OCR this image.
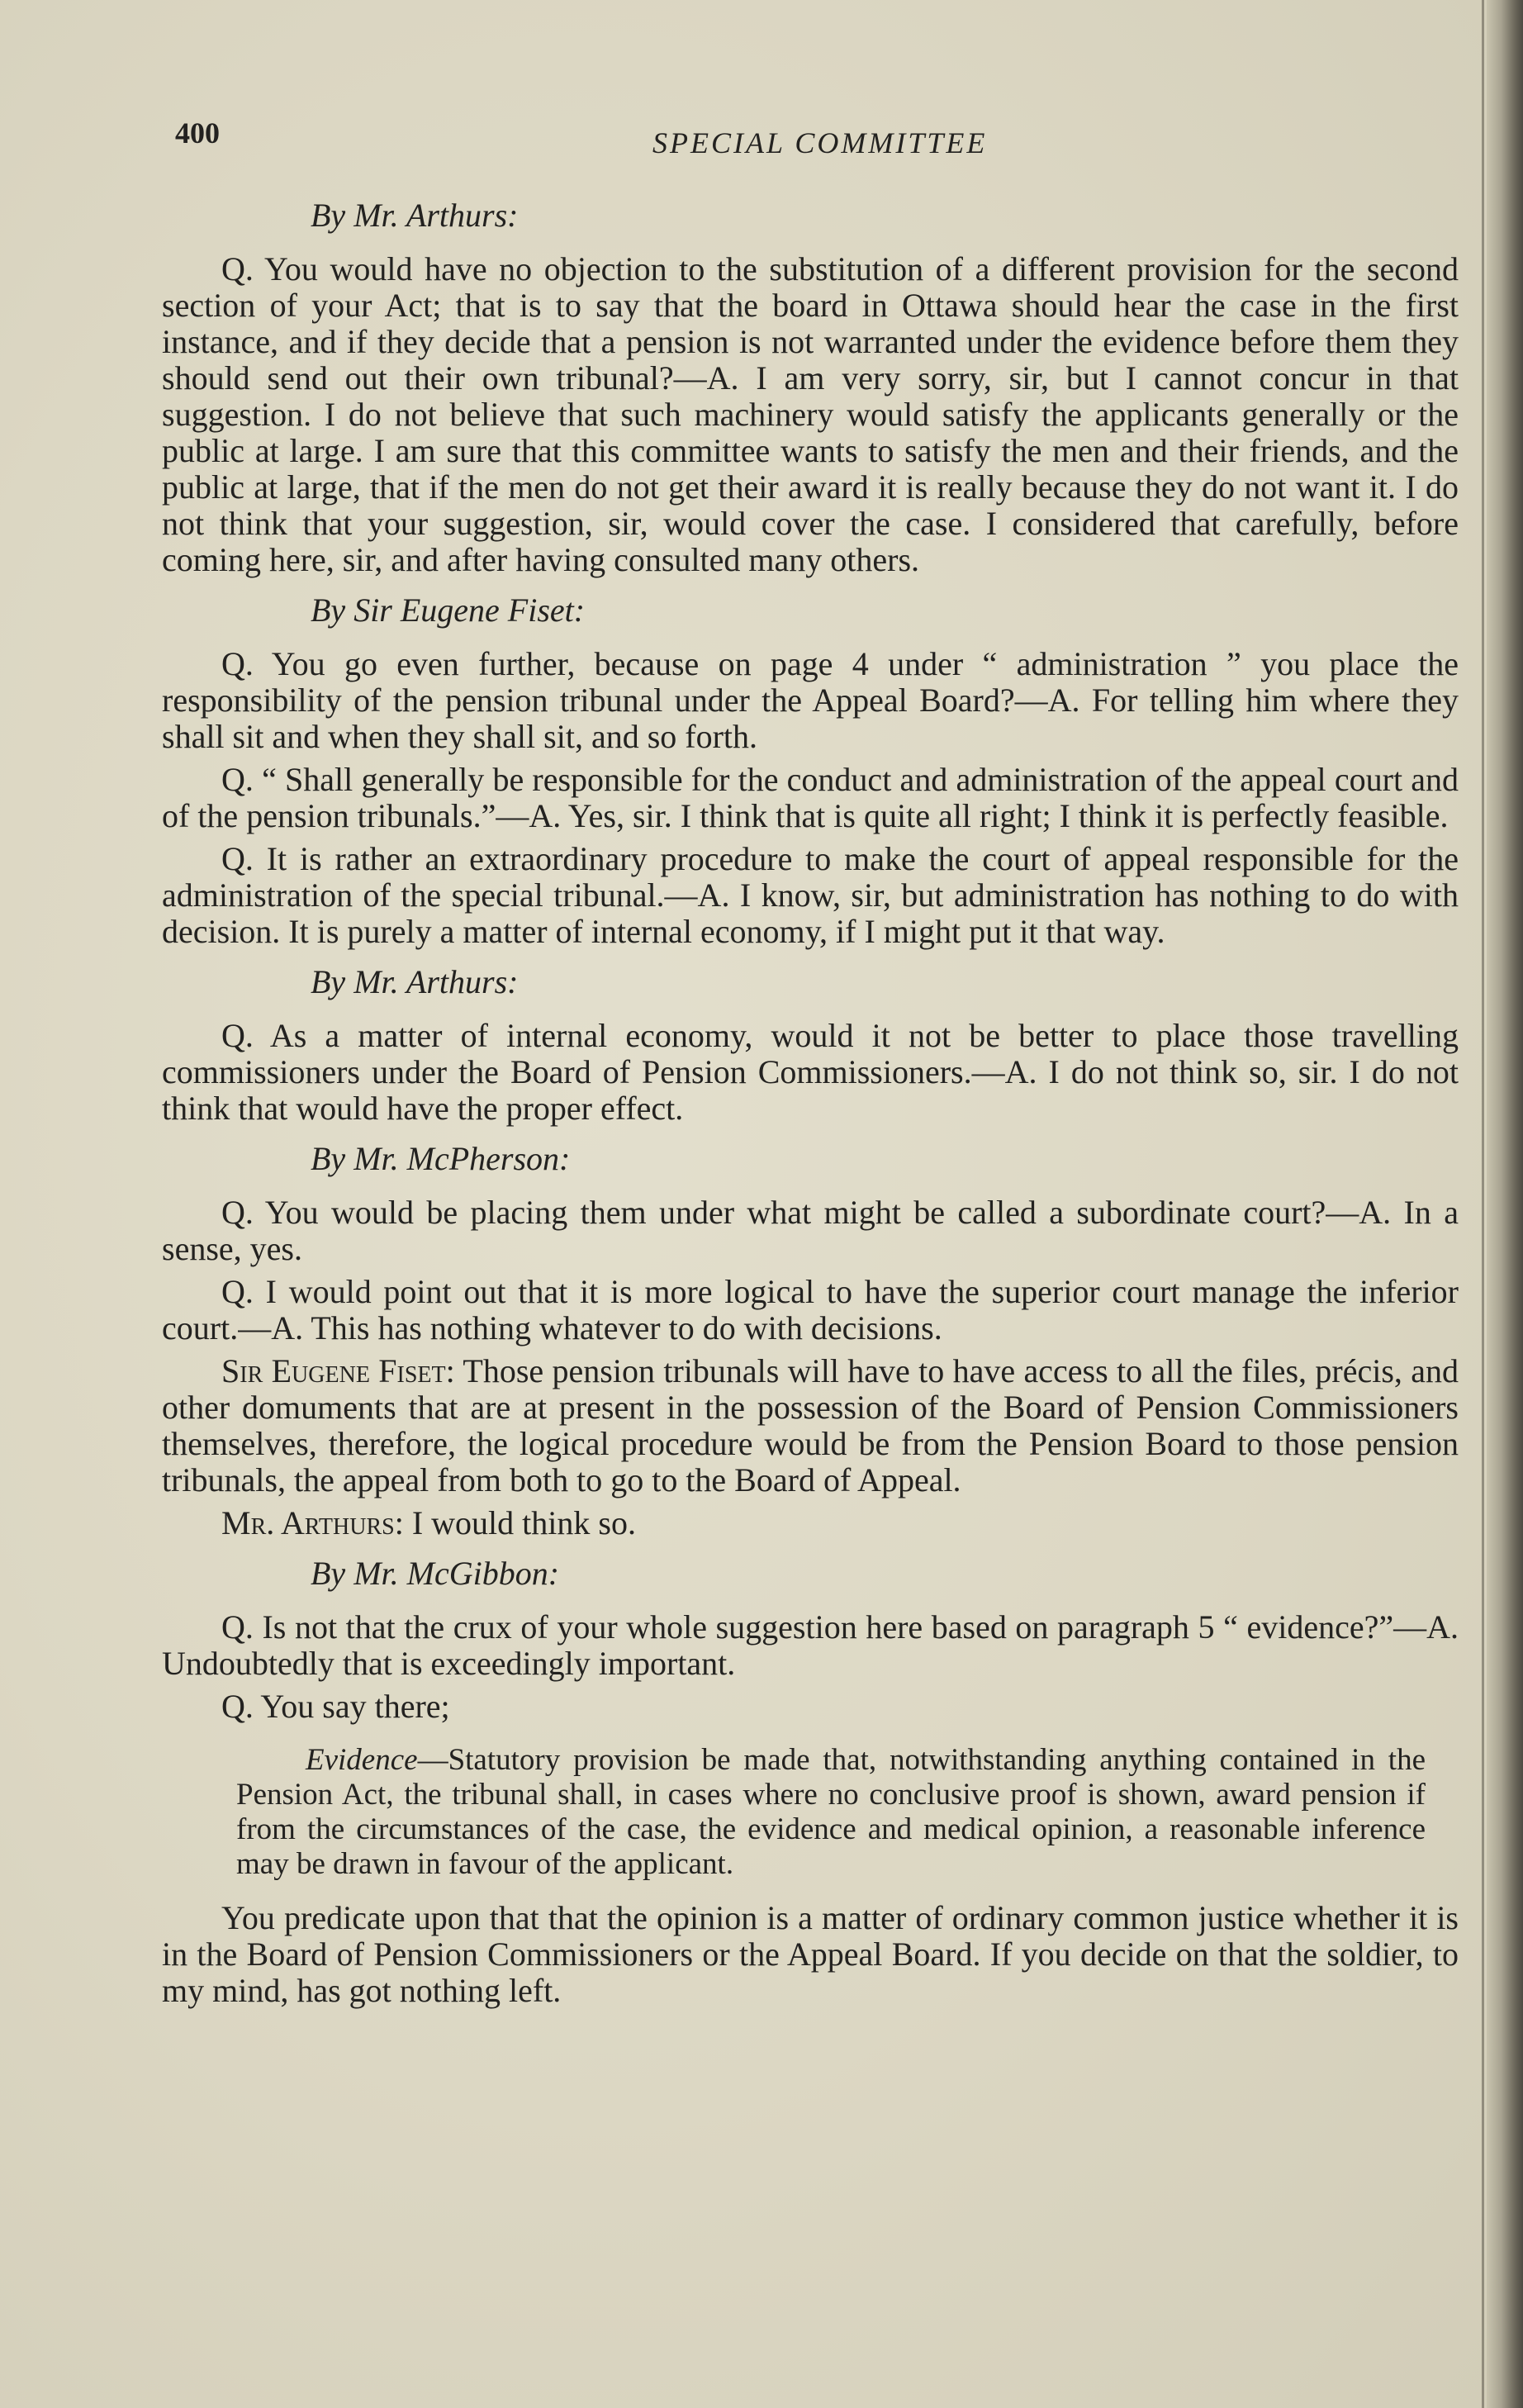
400	SPECIAL COMMITTEE
By Mr. Arthurs:

Q. You would have no objection to the substitution of a different provision for the second section of your Act; that is to say that the board in Ottawa should hear the case in the first instance, and if they decide that a pension is not warranted under the evidence before them they should send out their own tribunal?—A. I am very sorry, sir, but I cannot concur in that suggestion. I do not believe that such machinery would satisfy the applicants generally or the public at large. I am sure that this committee wants to satisfy the men and their friends, and the public at large, that if the men do not get their award it is really because they do not want it. I do not think that your suggestion, sir, would cover the case. I considered that carefully, before coming here, sir, and after having consulted many others.

By Sir Eugene Fiset:

Q. You go even further, because on page 4 under “ administration ” you place the responsibility of the pension tribunal under the Appeal Board?—A. For telling him where they shall sit and when they shall sit, and so forth.

Q. “ Shall generally be responsible for the conduct and administration of the appeal court and of the pension tribunals.”—A. Yes, sir. I think that is quite all right; I think it is perfectly feasible.

Q. It is rather an extraordinary procedure to make the court of appeal responsible for the administration of the special tribunal.—A. I know, sir, but administration has nothing to do with decision. It is purely a matter of internal economy, if I might put it that way.

By Mr. Arthurs:

Q. As a matter of internal economy, would it not be better to place those travelling commissioners under the Board of Pension Commissioners.—A. I do not think so, sir. I do not think that would have the proper effect.

By Mr. McPherson:

Q. You would be placing them under what might be called a subordinate court?—A. In a sense, yes.

Q. I would point out that it is more logical to have the superior court manage the inferior court.—A. This has nothing whatever to do with decisions.

Sir Eugene Fiset: Those pension tribunals will have to have access to all the files, précis, and other domuments that are at present in the possession of the Board of Pension Commissioners themselves, therefore, the logical procedure would be from the Pension Board to those pension tribunals, the appeal from both to go to the Board of Appeal.

Mr. Arthurs: I would think so.

By Mr. McGibbon:

Q. Is not that the crux of your whole suggestion here based on paragraph 5 “ evidence?”—A. Undoubtedly that is exceedingly important.

Q. You say there;

Evidence—Statutory provision be made that, notwithstanding anything contained in the Pension Act, the tribunal shall, in cases where no conclusive proof is shown, award pension if from the circumstances of the case, the evidence and medical opinion, a reasonable inference may be drawn in favour of the applicant.

You predicate upon that that the opinion is a matter of ordinary common justice whether it is in the Board of Pension Commissioners or the Appeal Board. If you decide on that the soldier, to my mind, has got nothing left.
